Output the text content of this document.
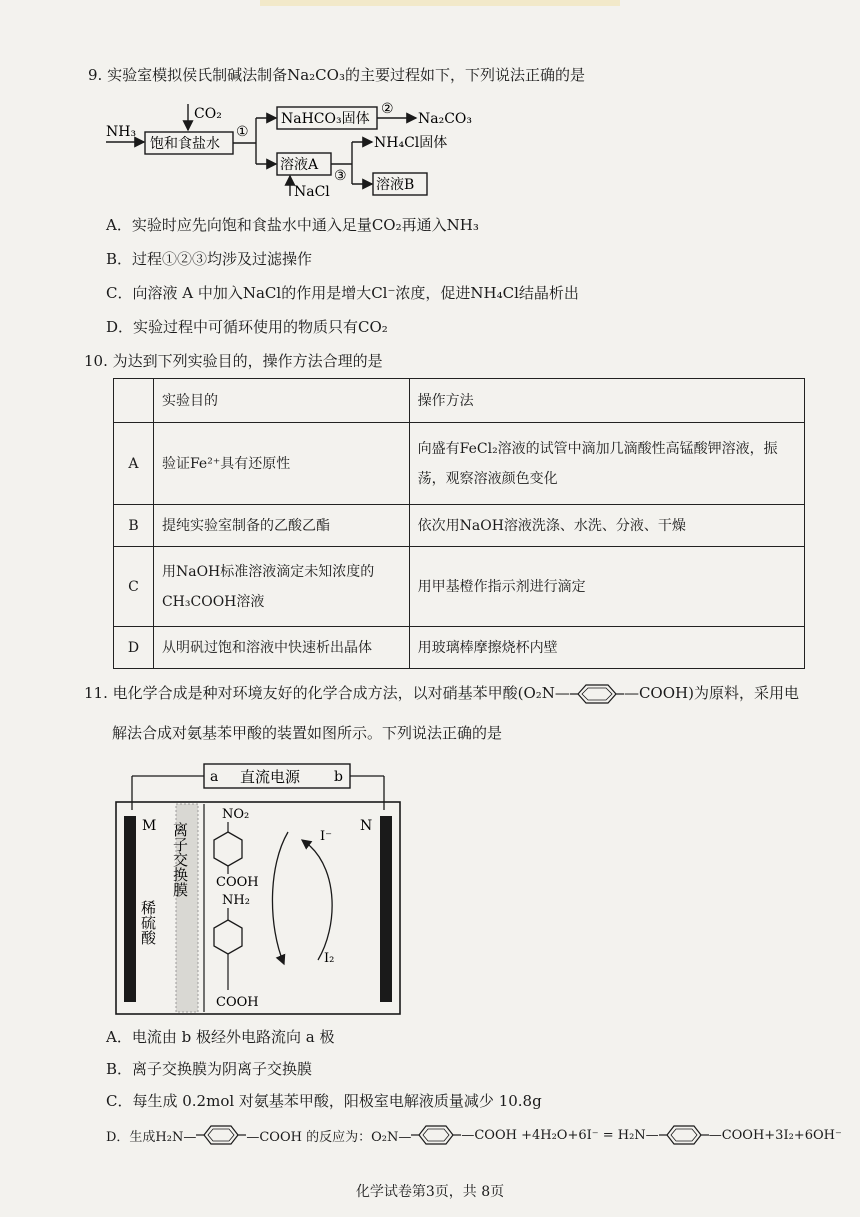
9. 实验室模拟侯氏制碱法制备Na₂CO₃的主要过程如下，下列说法正确的是
NH₃
CO₂
饱和食盐水
①
NaHCO₃固体
②
Na₂CO₃
溶液A
NaCl
NH₄Cl固体
③
溶液B
A．实验时应先向饱和食盐水中通入足量CO₂再通入NH₃
B．过程①②③均涉及过滤操作
C．向溶液 A 中加入NaCl的作用是增大Cl⁻浓度，促进NH₄Cl结晶析出
D．实验过程中可循环使用的物质只有CO₂
10. 为达到下列实验目的，操作方法合理的是
	实验目的	操作方法
A	验证Fe²⁺具有还原性	向盛有FeCl₂溶液的试管中滴加几滴酸性高锰酸钾溶液，振荡，观察溶液颜色变化
B	提纯实验室制备的乙酸乙酯	依次用NaOH溶液洗涤、水洗、分液、干燥
C	用NaOH标准溶液滴定未知浓度的CH₃COOH溶液	用甲基橙作指示剂进行滴定
D	从明矾过饱和溶液中快速析出晶体	用玻璃棒摩擦烧杯内壁
11. 电化学合成是种对环境友好的化学合成方法，以对硝基苯甲酸(O₂N—	—COOH)为原料，采用电
解法合成对氨基苯甲酸的装置如图所示。下列说法正确的是
a 直流电源 b
M	N
稀硫酸
离子交换膜
NO₂
COOH
NH₂
COOH
I⁻
I₂
A．电流由 b 极经外电路流向 a 极
B．离子交换膜为阴离子交换膜
C．每生成 0.2mol 对氨基苯甲酸，阳极室电解液质量减少 10.8g
D．生成H₂N—	—COOH 的反应为：O₂N—	—COOH +4H₂O+6I⁻ = H₂N—	—COOH+3I₂+6OH⁻
化学试卷第3页，共 8页
